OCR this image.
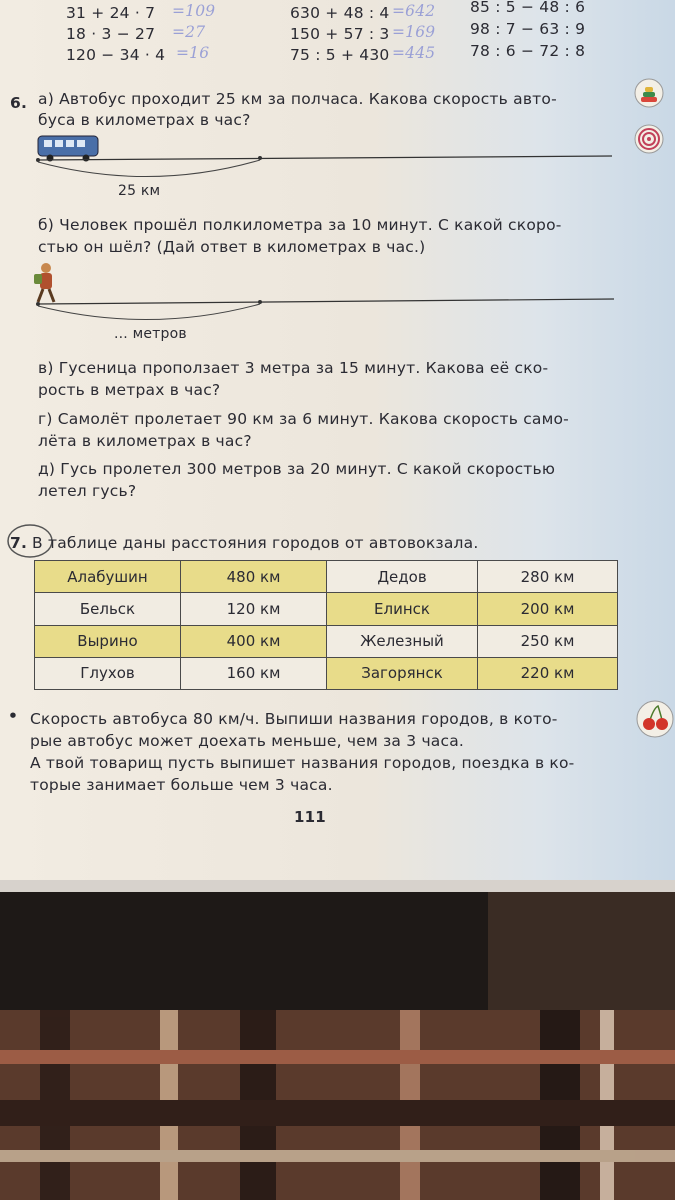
31 + 24 · 7 =109	630 + 48 : 4 =642 85 : 5 − 48 : 6
18 · 3 − 27 =27	150 + 57 : 3 =169 98 : 7 − 63 : 9
120 − 34 · 4 =16	75 : 5 + 430 =445 78 : 6 − 72 : 8
6. а) Автобус проходит 25 км за полчаса. Какова скорость авто-
буса в километрах в час?
25 км
б) Человек прошёл полкилометра за 10 минут. С какой скоро-
стью он шёл? (Дай ответ в километрах в час.)
... метров
в) Гусеница проползает 3 метра за 15 минут. Какова её ско-
рость в метрах в час?
г) Самолёт пролетает 90 км за 6 минут. Какова скорость само-
лёта в километрах в час?
д) Гусь пролетел 300 метров за 20 минут. С какой скоростью
летел гусь?
7. В таблице даны расстояния городов от автовокзала.
Алабушин	480 км	Дедов	280 км
Бельск	120 км	Елинск	200 км
Вырино	400 км	Железный	250 км
Глухов	160 км	Загорянск	220 км
• Скорость автобуса 80 км/ч. Выпиши названия городов, в кото-
рые автобус может доехать меньше, чем за 3 часа.
А твой товарищ пусть выпишет названия городов, поездка в ко-
торые занимает больше чем 3 часа.
111
